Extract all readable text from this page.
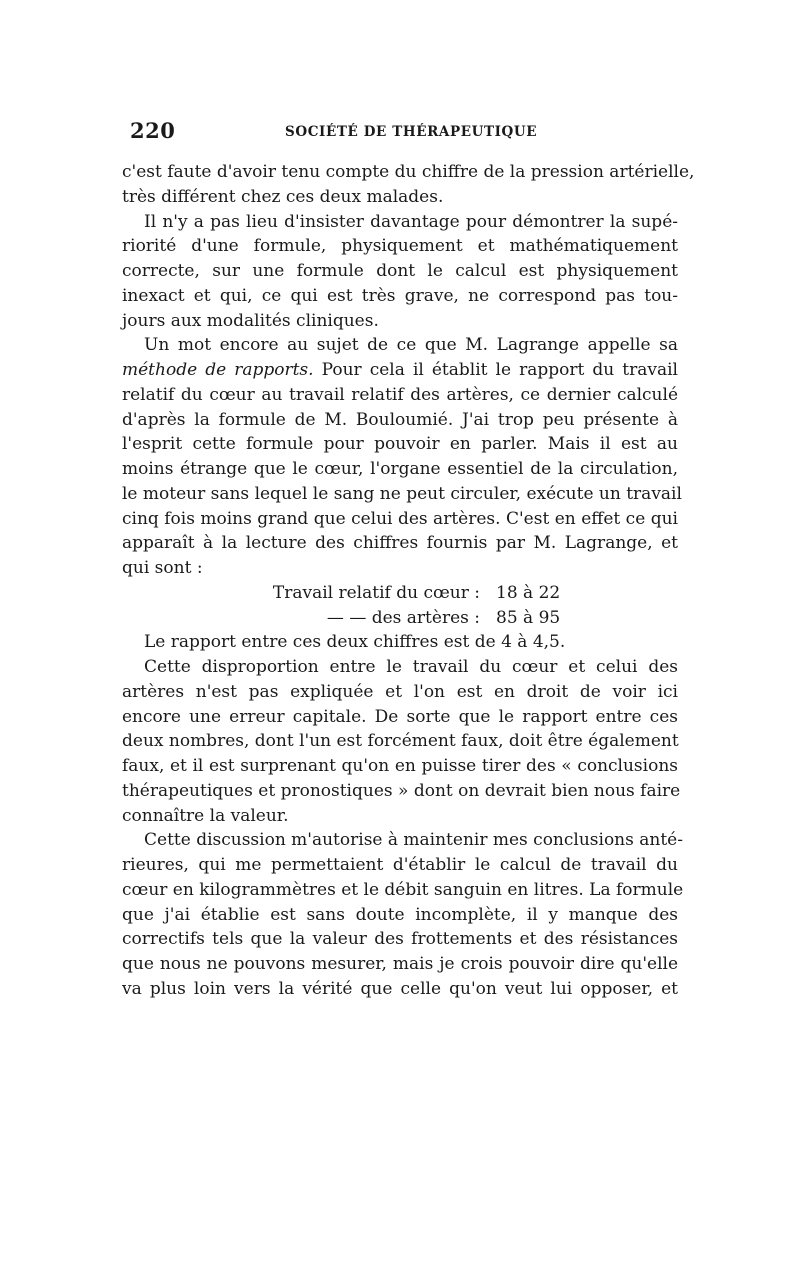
220	SOCIÉTÉ DE THÉRAPEUTIQUE
c'est faute d'avoir tenu compte du chiffre de la pression artérielle,
très différent chez ces deux malades.
Il n'y a pas lieu d'insister davantage pour démontrer la supé-
riorité d'une formule, physiquement et mathématiquement
correcte, sur une formule dont le calcul est physiquement
inexact et qui, ce qui est très grave, ne correspond pas tou-
jours aux modalités cliniques.
Un mot encore au sujet de ce que M. Lagrange appelle sa
méthode de rapports. Pour cela il établit le rapport du travail
relatif du cœur au travail relatif des artères, ce dernier calculé
d'après la formule de M. Bouloumié. J'ai trop peu présente à
l'esprit cette formule pour pouvoir en parler. Mais il est au
moins étrange que le cœur, l'organe essentiel de la circulation,
le moteur sans lequel le sang ne peut circuler, exécute un travail
cinq fois moins grand que celui des artères. C'est en effet ce qui
apparaît à la lecture des chiffres fournis par M. Lagrange, et
qui sont :
Travail relatif du cœur : 18 à 22
— — des artères : 85 à 95
Le rapport entre ces deux chiffres est de 4 à 4,5.
Cette disproportion entre le travail du cœur et celui des
artères n'est pas expliquée et l'on est en droit de voir ici
encore une erreur capitale. De sorte que le rapport entre ces
deux nombres, dont l'un est forcément faux, doit être également
faux, et il est surprenant qu'on en puisse tirer des « conclusions
thérapeutiques et pronostiques » dont on devrait bien nous faire
connaître la valeur.
Cette discussion m'autorise à maintenir mes conclusions anté-
rieures, qui me permettaient d'établir le calcul de travail du
cœur en kilogrammètres et le débit sanguin en litres. La formule
que j'ai établie est sans doute incomplète, il y manque des
correctifs tels que la valeur des frottements et des résistances
que nous ne pouvons mesurer, mais je crois pouvoir dire qu'elle
va plus loin vers la vérité que celle qu'on veut lui opposer, et
